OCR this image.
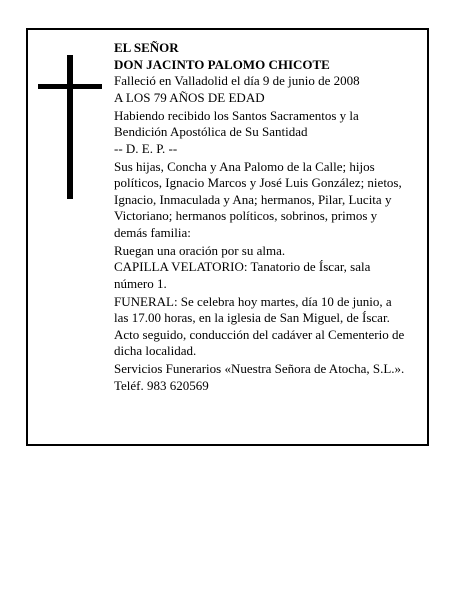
EL SEÑOR
DON JACINTO PALOMO CHICOTE
Falleció en Valladolid el día 9 de junio de 2008
A LOS 79 AÑOS DE EDAD
Habiendo recibido los Santos Sacramentos y la
Bendición Apostólica de Su Santidad
-- D. E. P. --
Sus hijas, Concha y Ana Palomo de la Calle; hijos
políticos, Ignacio Marcos y José Luis González; nietos,
Ignacio, Inmaculada y Ana; hermanos, Pilar, Lucita y
Victoriano; hermanos políticos, sobrinos, primos y
demás familia:
Ruegan una oración por su alma.
CAPILLA VELATORIO: Tanatorio de Íscar, sala
número 1.
FUNERAL: Se celebra hoy martes, día 10 de junio, a
las 17.00 horas, en la iglesia de San Miguel, de Íscar.
Acto seguido, conducción del cadáver al Cementerio de
dicha localidad.
Servicios Funerarios «Nuestra Señora de Atocha, S.L.».
Teléf. 983 620569
